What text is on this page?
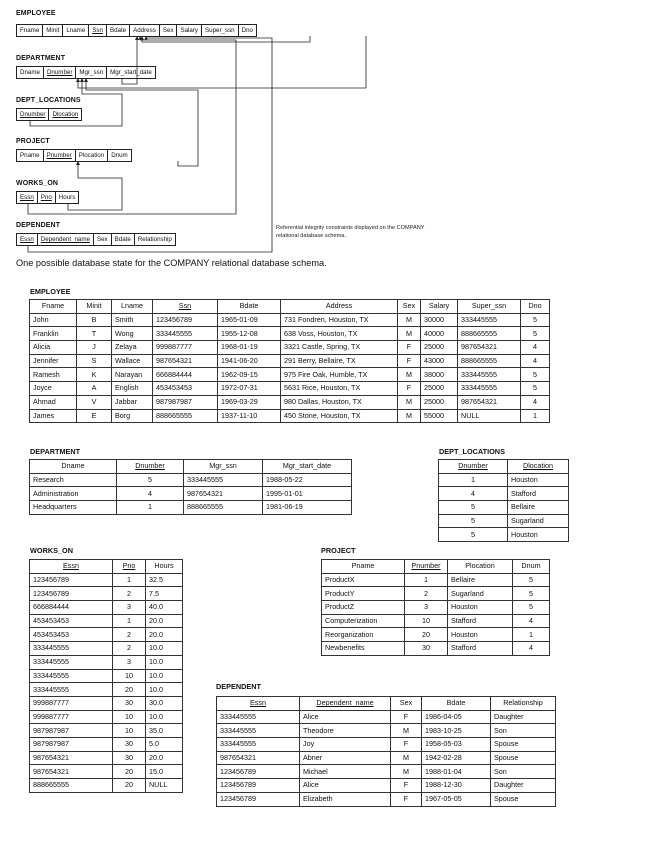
EMPLOYEE
Fname	Minit	Lname	Ssn	Bdate	Address	Sex	Salary	Super_ssn	Dno
DEPARTMENT
Dname	Dnumber	Mgr_ssn	Mgr_start_date
DEPT_LOCATIONS
Dnumber	Dlocation
PROJECT
Pname	Pnumber	Plocation	Dnum
WORKS_ON
Essn	Pno	Hours
DEPENDENT
Essn	Dependent_name	Sex	Bdate	Relationship
Referential integrity constraints displayed on the COMPANY relational database schema.
One possible database state for the COMPANY relational database schema.
EMPLOYEE
Fname	Minit	Lname	Ssn	Bdate	Address	Sex	Salary	Super_ssn	Dno
John	B	Smith	123456789	1965-01-09	731 Fondren, Houston, TX	M	30000	333445555	5
Franklin	T	Wong	333445555	1955-12-08	638 Voss, Houston, TX	M	40000	888665555	5
Alicia	J	Zelaya	999887777	1968-01-19	3321 Castle, Spring, TX	F	25000	987654321	4
Jennifer	S	Wallace	987654321	1941-06-20	291 Berry, Bellaire, TX	F	43000	888665555	4
Ramesh	K	Narayan	666884444	1962-09-15	975 Fire Oak, Humble, TX	M	38000	333445555	5
Joyce	A	English	453453453	1972-07-31	5631 Rice, Houston, TX	F	25000	333445555	5
Ahmad	V	Jabbar	987987987	1969-03-29	980 Dallas, Houston, TX	M	25000	987654321	4
James	E	Borg	888665555	1937-11-10	450 Stone, Houston, TX	M	55000	NULL	1
DEPARTMENT
Dname	Dnumber	Mgr_ssn	Mgr_start_date
Research	5	333445555	1988-05-22
Administration	4	987654321	1995-01-01
Headquarters	1	888665555	1981-06-19
DEPT_LOCATIONS
Dnumber	Dlocation
1	Houston
4	Stafford
5	Bellaire
5	Sugarland
5	Houston
WORKS_ON
Essn	Pno	Hours
123456789	1	32.5
123456789	2	7.5
666884444	3	40.0
453453453	1	20.0
453453453	2	20.0
333445555	2	10.0
333445555	3	10.0
333445555	10	10.0
333445555	20	10.0
999887777	30	30.0
999887777	10	10.0
987987987	10	35.0
987987987	30	5.0
987654321	30	20.0
987654321	20	15.0
888665555	20	NULL
PROJECT
Pname	Pnumber	Plocation	Dnum
ProductX	1	Bellaire	5
ProductY	2	Sugarland	5
ProductZ	3	Houston	5
Computerization	10	Stafford	4
Reorganization	20	Houston	1
Newbenefits	30	Stafford	4
DEPENDENT
Essn	Dependent_name	Sex	Bdate	Relationship
333445555	Alice	F	1986-04-05	Daughter
333445555	Theodore	M	1983-10-25	Son
333445555	Joy	F	1958-05-03	Spouse
987654321	Abner	M	1942-02-28	Spouse
123456789	Michael	M	1988-01-04	Son
123456789	Alice	F	1988-12-30	Daughter
123456789	Elizabeth	F	1967-05-05	Spouse
